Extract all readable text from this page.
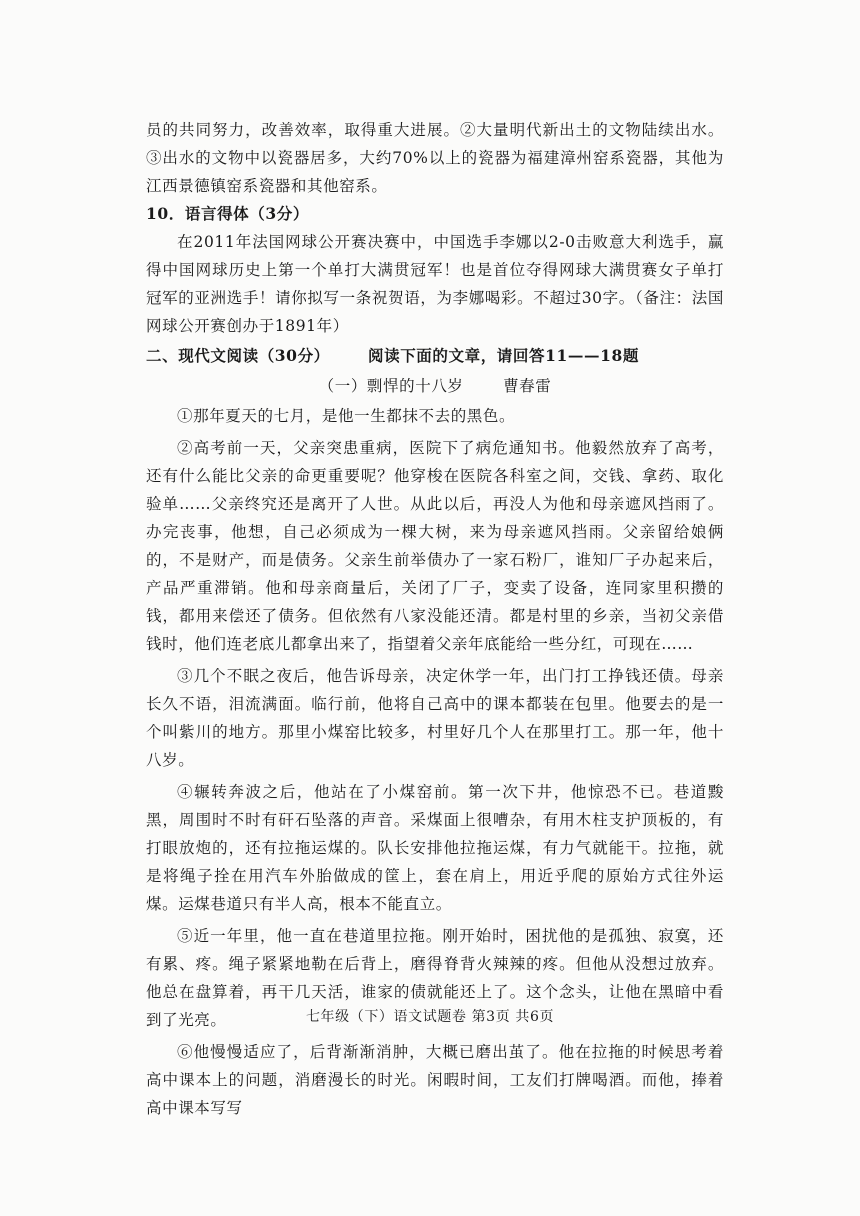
员的共同努力，改善效率，取得重大进展。②大量明代新出土的文物陆续出水。③出水的文物中以瓷器居多，大约70%以上的瓷器为福建漳州窑系瓷器，其他为江西景德镇窑系瓷器和其他窑系。

10．语言得体（3分）

在2011年法国网球公开赛决赛中，中国选手李娜以2-0击败意大利选手，赢得中国网球历史上第一个单打大满贯冠军！也是首位夺得网球大满贯赛女子单打冠军的亚洲选手！请你拟写一条祝贺语，为李娜喝彩。不超过30字。（备注：法国网球公开赛创办于1891年）

二、现代文阅读（30分）	阅读下面的文章，请回答11——18题
（一）剽悍的十八岁	曹春雷

①那年夏天的七月，是他一生都抹不去的黑色。

②高考前一天，父亲突患重病，医院下了病危通知书。他毅然放弃了高考，还有什么能比父亲的命更重要呢？他穿梭在医院各科室之间，交钱、拿药、取化验单……父亲终究还是离开了人世。从此以后，再没人为他和母亲遮风挡雨了。办完丧事，他想，自己必须成为一棵大树，来为母亲遮风挡雨。父亲留给娘俩的，不是财产，而是债务。父亲生前举债办了一家石粉厂，谁知厂子办起来后，产品严重滞销。他和母亲商量后，关闭了厂子，变卖了设备，连同家里积攒的钱，都用来偿还了债务。但依然有八家没能还清。都是村里的乡亲，当初父亲借钱时，他们连老底儿都拿出来了，指望着父亲年底能给一些分红，可现在……

③几个不眠之夜后，他告诉母亲，决定休学一年，出门打工挣钱还债。母亲长久不语，泪流满面。临行前，他将自己高中的课本都装在包里。他要去的是一个叫紫川的地方。那里小煤窑比较多，村里好几个人在那里打工。那一年，他十八岁。

④辗转奔波之后，他站在了小煤窑前。第一次下井，他惊恐不已。巷道黢黑，周围时不时有矸石坠落的声音。采煤面上很嘈杂，有用木柱支护顶板的，有打眼放炮的，还有拉拖运煤的。队长安排他拉拖运煤，有力气就能干。拉拖，就是将绳子拴在用汽车外胎做成的筐上，套在肩上，用近乎爬的原始方式往外运煤。运煤巷道只有半人高，根本不能直立。

⑤近一年里，他一直在巷道里拉拖。刚开始时，困扰他的是孤独、寂寞，还有累、疼。绳子紧紧地勒在后背上，磨得脊背火辣辣的疼。但他从没想过放弃。他总在盘算着，再干几天活，谁家的债就能还上了。这个念头，让他在黑暗中看到了光亮。

⑥他慢慢适应了，后背渐渐消肿，大概已磨出茧了。他在拉拖的时候思考着高中课本上的问题，消磨漫长的时光。闲暇时间，工友们打牌喝酒。而他，捧着高中课本写写

七年级（下）语文试题卷 第3页 共6页
